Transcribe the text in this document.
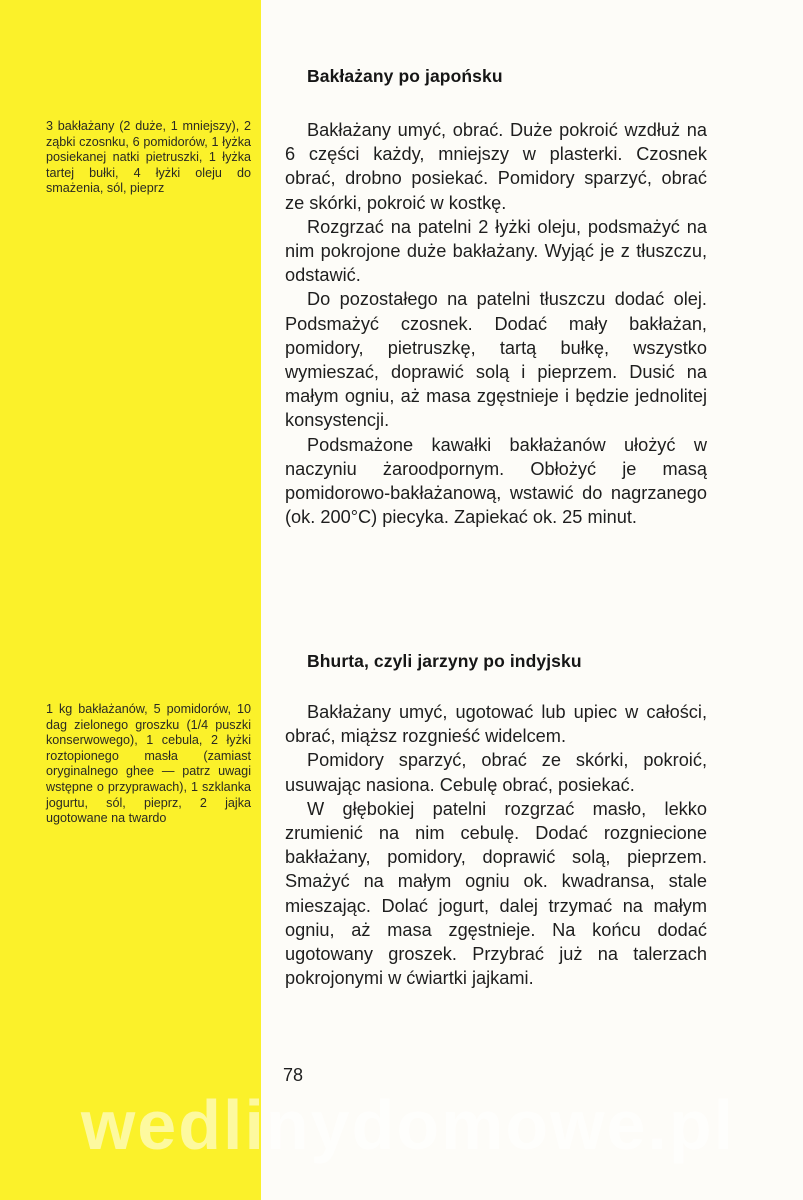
3 bakłażany (2 duże, 1 mniejszy), 2 ząbki czosnku, 6 pomidorów, 1 łyżka posiekanej natki pietruszki, 1 łyżka tartej bułki, 4 łyżki oleju do smażenia, sól, pieprz

Bakłażany po japońsku

Bakłażany umyć, obrać. Duże pokroić wzdłuż na 6 części każdy, mniejszy w plasterki. Czosnek obrać, drobno posiekać. Pomidory sparzyć, obrać ze skórki, pokroić w kostkę.

Rozgrzać na patelni 2 łyżki oleju, podsmażyć na nim pokrojone duże bakłażany. Wyjąć je z tłuszczu, odstawić.

Do pozostałego na patelni tłuszczu dodać olej. Podsmażyć czosnek. Dodać mały bakłażan, pomidory, pietruszkę, tartą bułkę, wszystko wymieszać, doprawić solą i pieprzem. Dusić na małym ogniu, aż masa zgęstnieje i będzie jednolitej konsystencji.

Podsmażone kawałki bakłażanów ułożyć w naczyniu żaroodpornym. Obłożyć je masą pomidorowo-bakłażanową, wstawić do nagrzanego (ok. 200°C) piecyka. Zapiekać ok. 25 minut.

1 kg bakłażanów, 5 pomidorów, 10 dag zielonego groszku (1/4 puszki konserwowego), 1 cebula, 2 łyżki roztopionego masła (zamiast oryginalnego ghee — patrz uwagi wstępne o przyprawach), 1 szklanka jogurtu, sól, pieprz, 2 jajka ugotowane na twardo

Bhurta, czyli jarzyny po indyjsku

Bakłażany umyć, ugotować lub upiec w całości, obrać, miąższ rozgnieść widelcem.

Pomidory sparzyć, obrać ze skórki, pokroić, usuwając nasiona. Cebulę obrać, posiekać.

W głębokiej patelni rozgrzać masło, lekko zrumienić na nim cebulę. Dodać rozgniecione bakłażany, pomidory, doprawić solą, pieprzem. Smażyć na małym ogniu ok. kwadransa, stale mieszając. Dolać jogurt, dalej trzymać na małym ogniu, aż masa zgęstnieje. Na końcu dodać ugotowany groszek. Przybrać już na talerzach pokrojonymi w ćwiartki jajkami.

78
wedlinydomowe.pl
